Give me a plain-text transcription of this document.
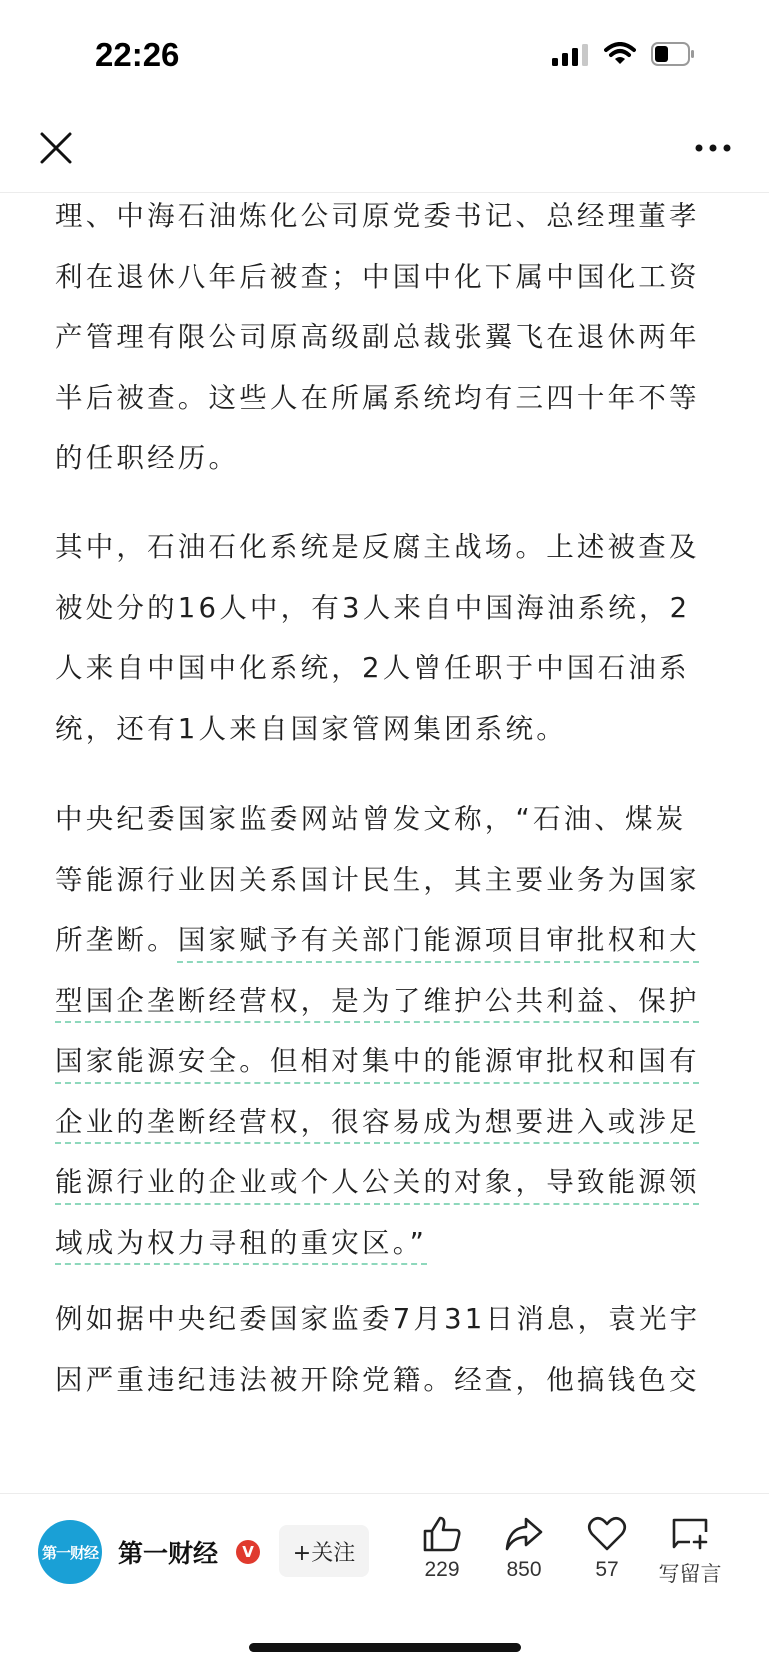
22:26

理、中海石油炼化公司原党委书记、总经理董孝利在退休八年后被查；中国中化下属中国化工资产管理有限公司原高级副总裁张翼飞在退休两年半后被查。这些人在所属系统均有三四十年不等的任职经历。

其中，石油石化系统是反腐主战场。上述被查及被处分的16人中，有3人来自中国海油系统，2人来自中国中化系统，2人曾任职于中国石油系统，还有1人来自国家管网集团系统。

中央纪委国家监委网站曾发文称，“石油、煤炭等能源行业因关系国计民生，其主要业务为国家所垄断。国家赋予有关部门能源项目审批权和大型国企垄断经营权，是为了维护公共利益、保护国家能源安全。但相对集中的能源审批权和国有企业的垄断经营权，很容易成为想要进入或涉足能源行业的企业或个人公关的对象，导致能源领域成为权力寻租的重灾区。”

例如据中央纪委国家监委7月31日消息，袁光宇因严重违纪违法被开除党籍。经查，他搞钱色交

第一财经 第一财经	V	+关注
229	850	57	写留言
